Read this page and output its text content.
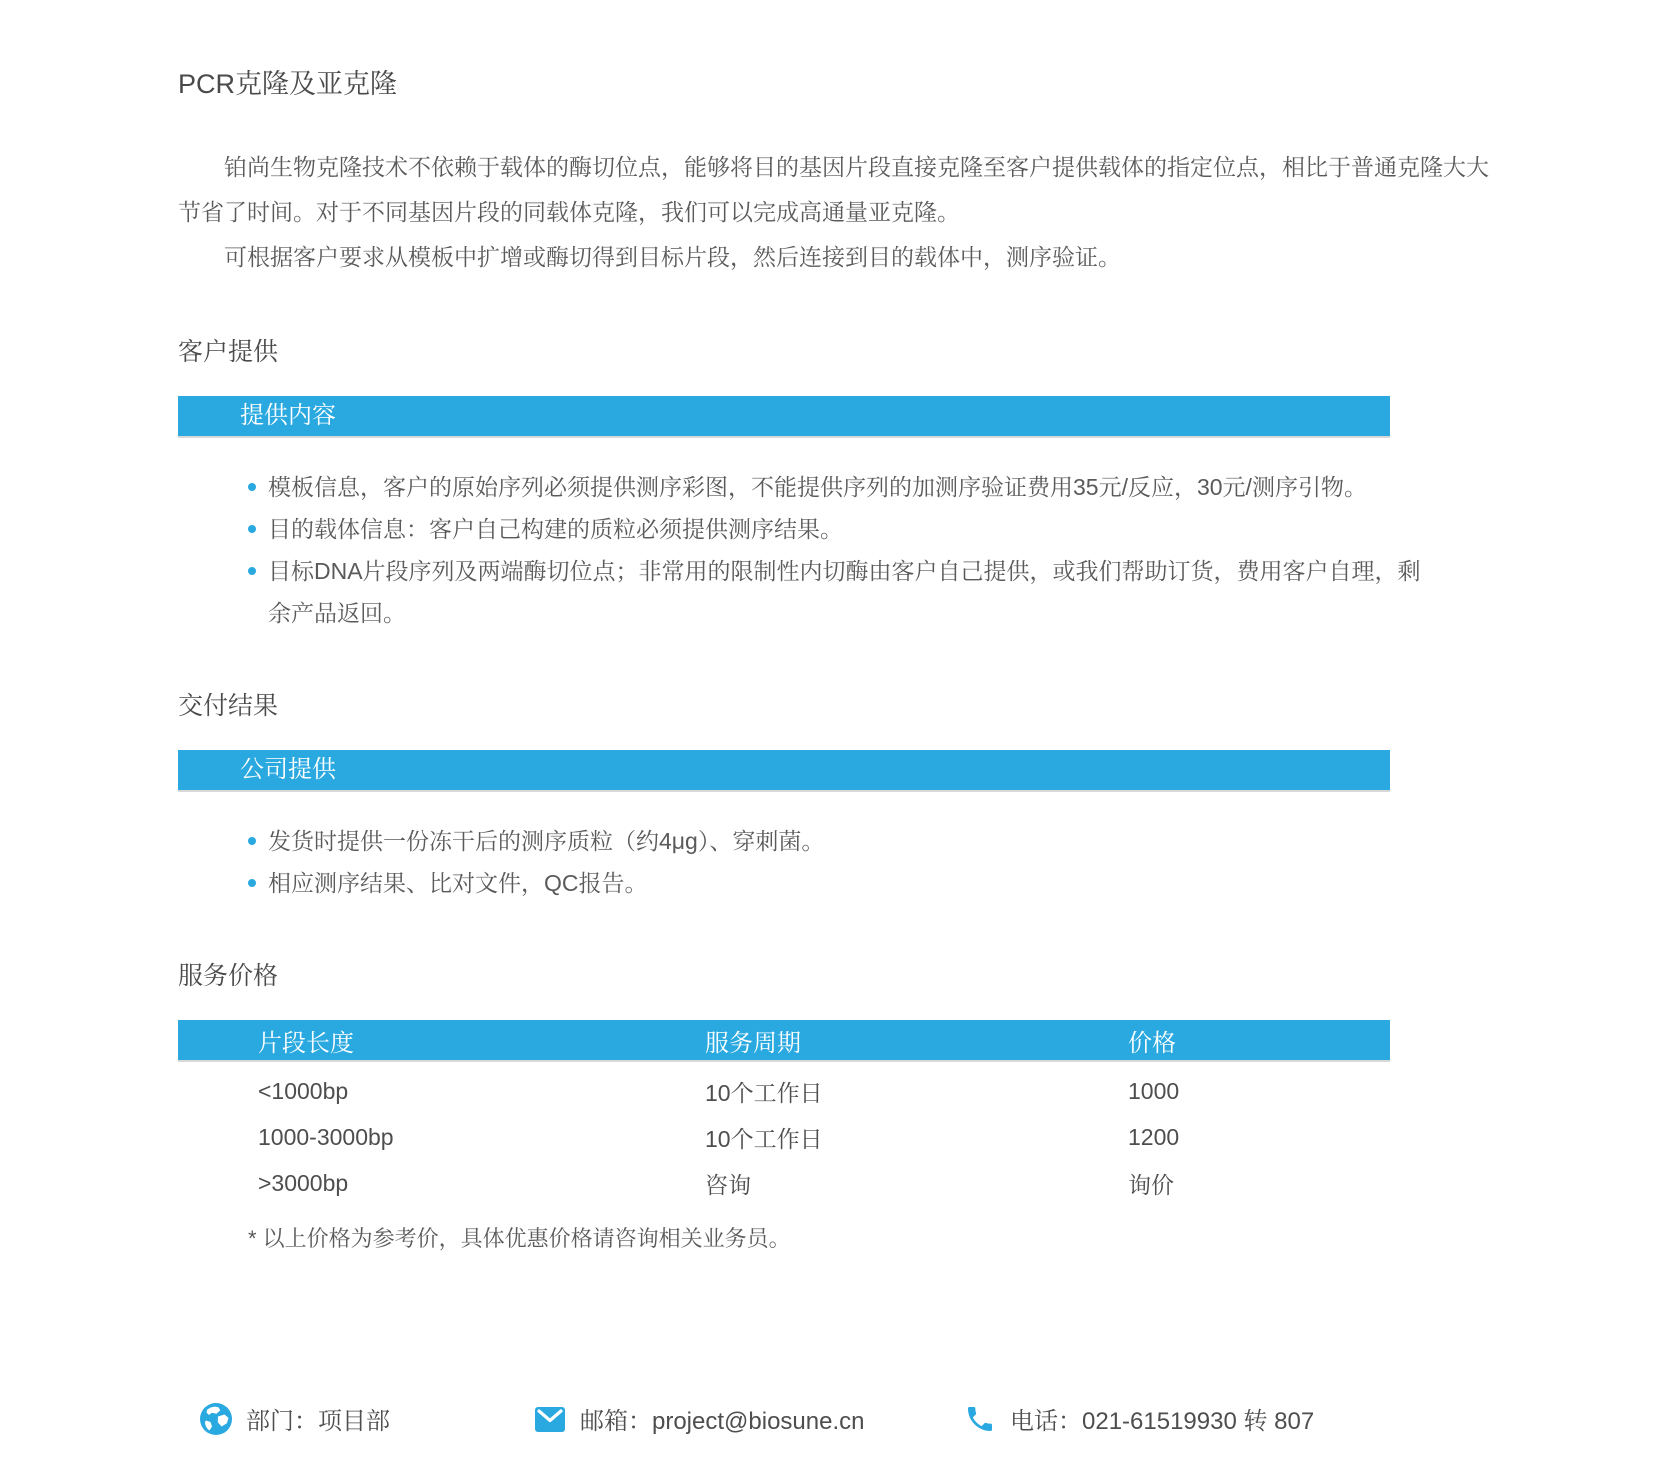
PCR克隆及亚克隆

铂尚生物克隆技术不依赖于载体的酶切位点，能够将目的基因片段直接克隆至客户提供载体的指定位点，相比于普通克隆大大节省了时间。对于不同基因片段的同载体克隆，我们可以完成高通量亚克隆。

可根据客户要求从模板中扩增或酶切得到目标片段，然后连接到目的载体中，测序验证。

客户提供
提供内容
模板信息，客户的原始序列必须提供测序彩图，不能提供序列的加测序验证费用35元/反应，30元/测序引物。
目的载体信息：客户自己构建的质粒必须提供测序结果。
目标DNA片段序列及两端酶切位点；非常用的限制性内切酶由客户自己提供，或我们帮助订货，费用客户自理，剩余产品返回。
交付结果
公司提供
发货时提供一份冻干后的测序质粒（约4μg）、穿刺菌。
相应测序结果、比对文件，QC报告。
服务价格
片段长度	服务周期	价格
<1000bp	10个工作日	1000
1000-3000bp	10个工作日	1200
>3000bp	咨询	询价

* 以上价格为参考价，具体优惠价格请咨询相关业务员。

部门：项目部	邮箱：project@biosune.cn	电话：021-61519930 转 807
